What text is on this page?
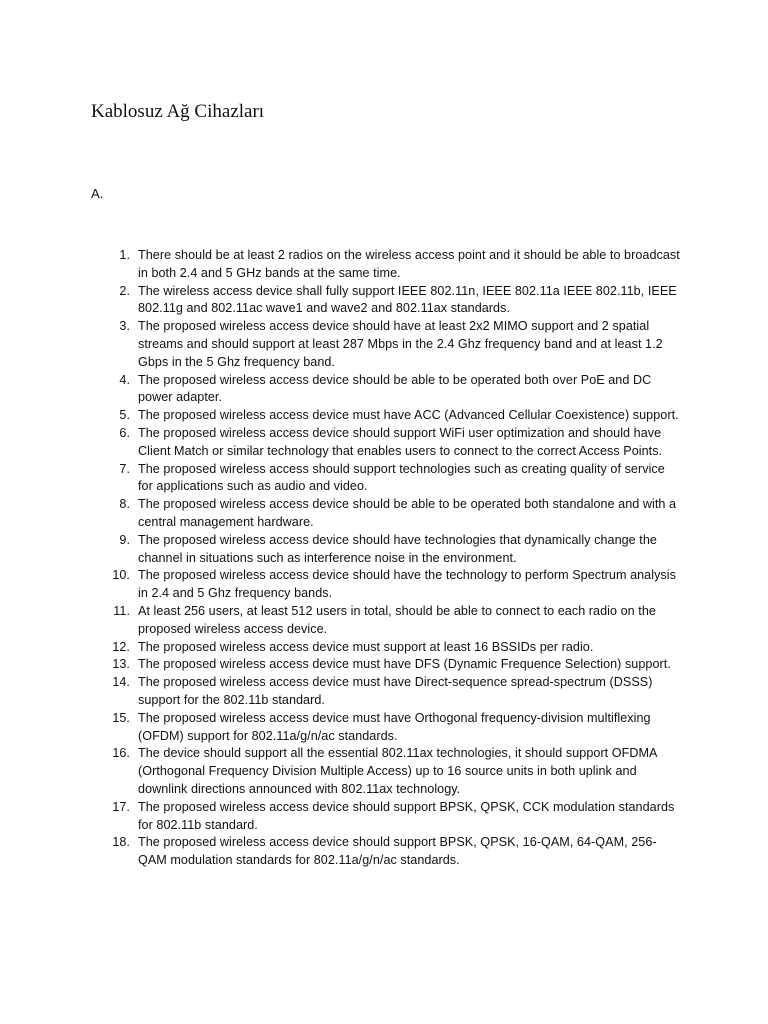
Kablosuz Ağ Cihazları

A.

1. There should be at least 2 radios on the wireless access point and it should be able to broadcast in both 2.4 and 5 GHz bands at the same time.
2. The wireless access device shall fully support IEEE 802.11n, IEEE 802.11a IEEE 802.11b, IEEE 802.11g and 802.11ac wave1 and wave2 and 802.11ax standards.
3. The proposed wireless access device should have at least 2x2 MIMO support and 2 spatial streams and should support at least 287 Mbps in the 2.4 Ghz frequency band and at least 1.2 Gbps in the 5 Ghz frequency band.
4. The proposed wireless access device should be able to be operated both over PoE and DC power adapter.
5. The proposed wireless access device must have ACC (Advanced Cellular Coexistence) support.
6. The proposed wireless access device should support WiFi user optimization and should have Client Match or similar technology that enables users to connect to the correct Access Points.
7. The proposed wireless access should support technologies such as creating quality of service for applications such as audio and video.
8. The proposed wireless access device should be able to be operated both standalone and with a central management hardware.
9. The proposed wireless access device should have technologies that dynamically change the channel in situations such as interference noise in the environment.
10. The proposed wireless access device should have the technology to perform Spectrum analysis in 2.4 and 5 Ghz frequency bands.
11. At least 256 users, at least 512 users in total, should be able to connect to each radio on the proposed wireless access device.
12. The proposed wireless access device must support at least 16 BSSIDs per radio.
13. The proposed wireless access device must have DFS (Dynamic Frequence Selection) support.
14. The proposed wireless access device must have Direct-sequence spread-spectrum (DSSS) support for the 802.11b standard.
15. The proposed wireless access device must have Orthogonal frequency-division multiflexing (OFDM) support for 802.11a/g/n/ac standards.
16. The device should support all the essential 802.11ax technologies, it should support OFDMA (Orthogonal Frequency Division Multiple Access) up to 16 source units in both uplink and downlink directions announced with 802.11ax technology.
17. The proposed wireless access device should support BPSK, QPSK, CCK modulation standards for 802.11b standard.
18. The proposed wireless access device should support BPSK, QPSK, 16-QAM, 64-QAM, 256-QAM modulation standards for 802.11a/g/n/ac standards.
